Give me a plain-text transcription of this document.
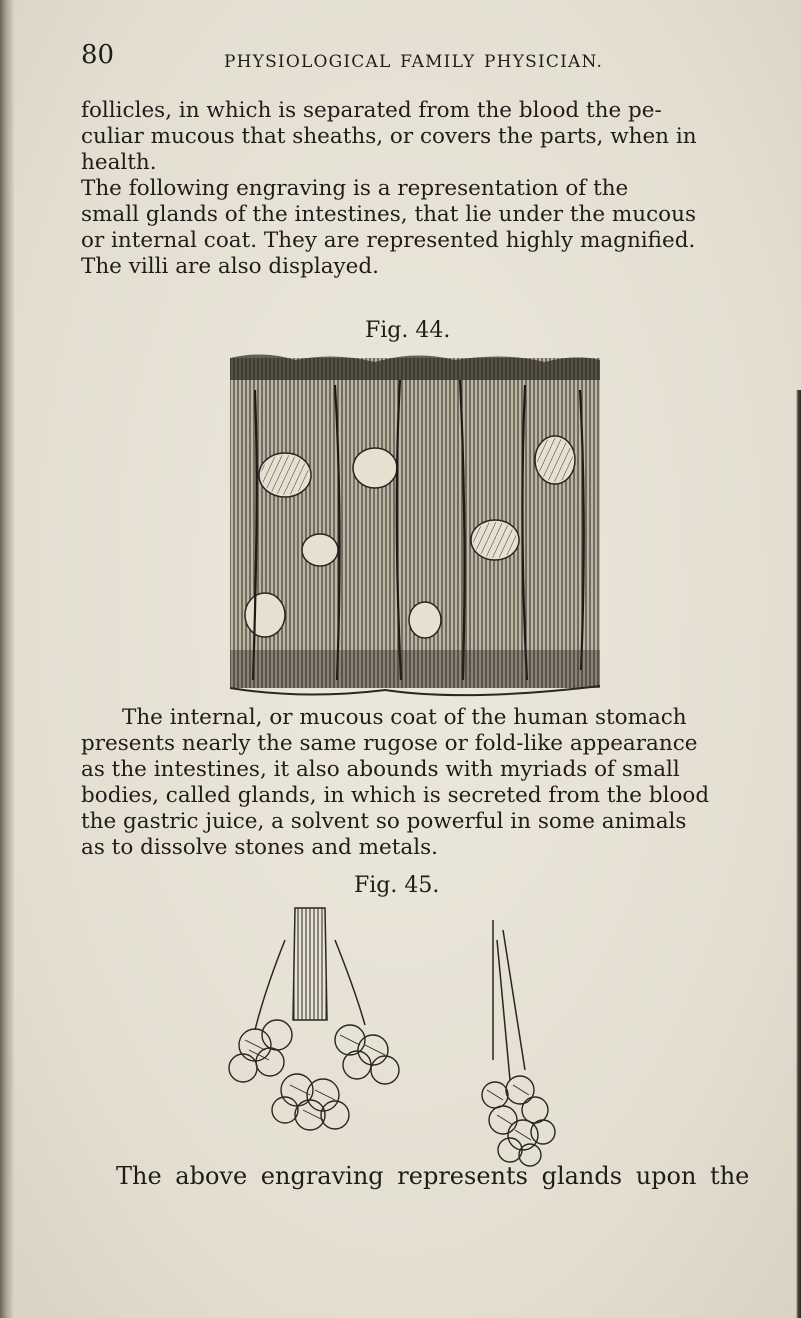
80	PHYSIOLOGICAL FAMILY PHYSICIAN.

follicles, in which is separated from the blood the pe-
culiar mucous that sheaths, or covers the parts, when in
health.
The following engraving is a representation of the
small glands of the intestines, that lie under the mucous
or internal coat. They are represented highly magnified.
The villi are also displayed.

Fig. 44.

The internal, or mucous coat of the human stomach
presents nearly the same rugose or fold-like appearance
as the intestines, it also abounds with myriads of small
bodies, called glands, in which is secreted from the blood
the gastric juice, a solvent so powerful in some animals
as to dissolve stones and metals.

Fig. 45.

The above engraving represents glands upon the
